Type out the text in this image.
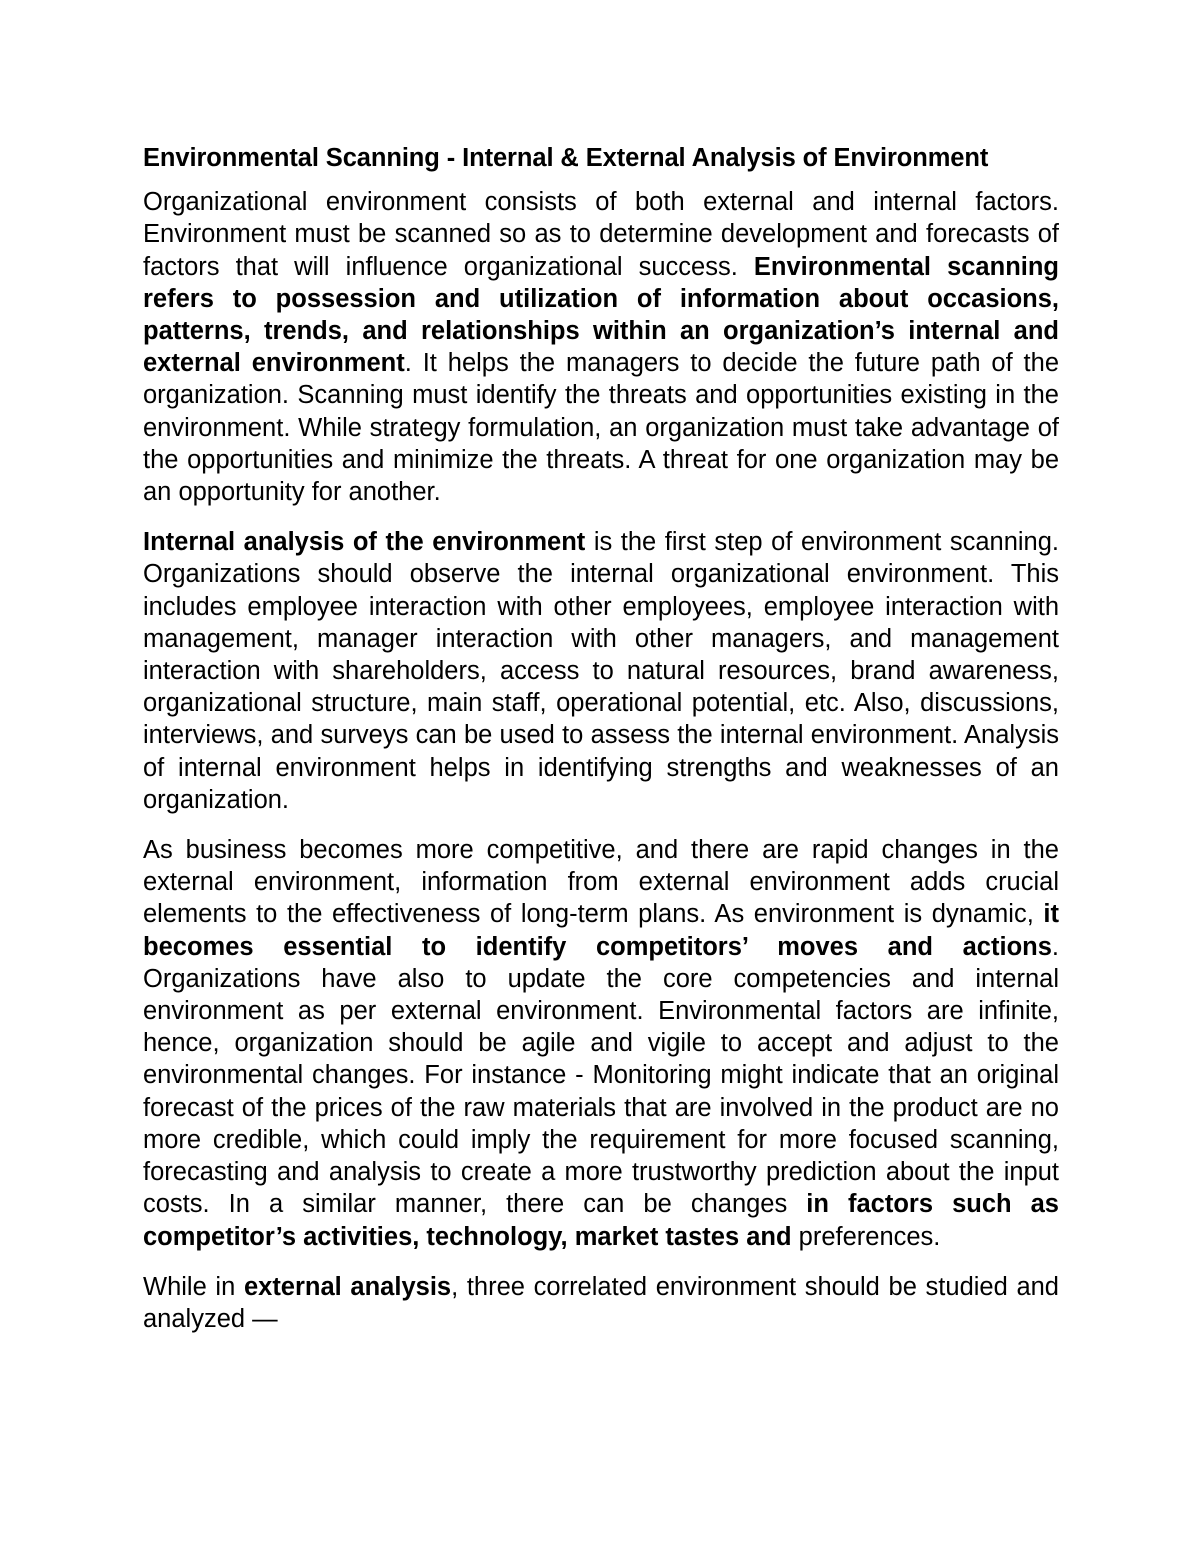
Environmental Scanning - Internal & External Analysis of Environment

Organizational environment consists of both external and internal factors. Environment must be scanned so as to determine development and forecasts of factors that will influence organizational success. Environmental scanning refers to possession and utilization of information about occasions, patterns, trends, and relationships within an organization’s internal and external environment. It helps the managers to decide the future path of the organization. Scanning must identify the threats and opportunities existing in the environment. While strategy formulation, an organization must take advantage of the opportunities and minimize the threats. A threat for one organization may be an opportunity for another.

Internal analysis of the environment is the first step of environment scanning. Organizations should observe the internal organizational environment. This includes employee interaction with other employees, employee interaction with management, manager interaction with other managers, and management interaction with shareholders, access to natural resources, brand awareness, organizational structure, main staff, operational potential, etc. Also, discussions, interviews, and surveys can be used to assess the internal environment. Analysis of internal environment helps in identifying strengths and weaknesses of an organization.

As business becomes more competitive, and there are rapid changes in the external environment, information from external environment adds crucial elements to the effectiveness of long-term plans. As environment is dynamic, it becomes essential to identify competitors’ moves and actions. Organizations have also to update the core competencies and internal environment as per external environment. Environmental factors are infinite, hence, organization should be agile and vigile to accept and adjust to the environmental changes. For instance - Monitoring might indicate that an original forecast of the prices of the raw materials that are involved in the product are no more credible, which could imply the requirement for more focused scanning, forecasting and analysis to create a more trustworthy prediction about the input costs. In a similar manner, there can be changes in factors such as competitor’s activities, technology, market tastes and preferences.

While in external analysis, three correlated environment should be studied and analyzed —
